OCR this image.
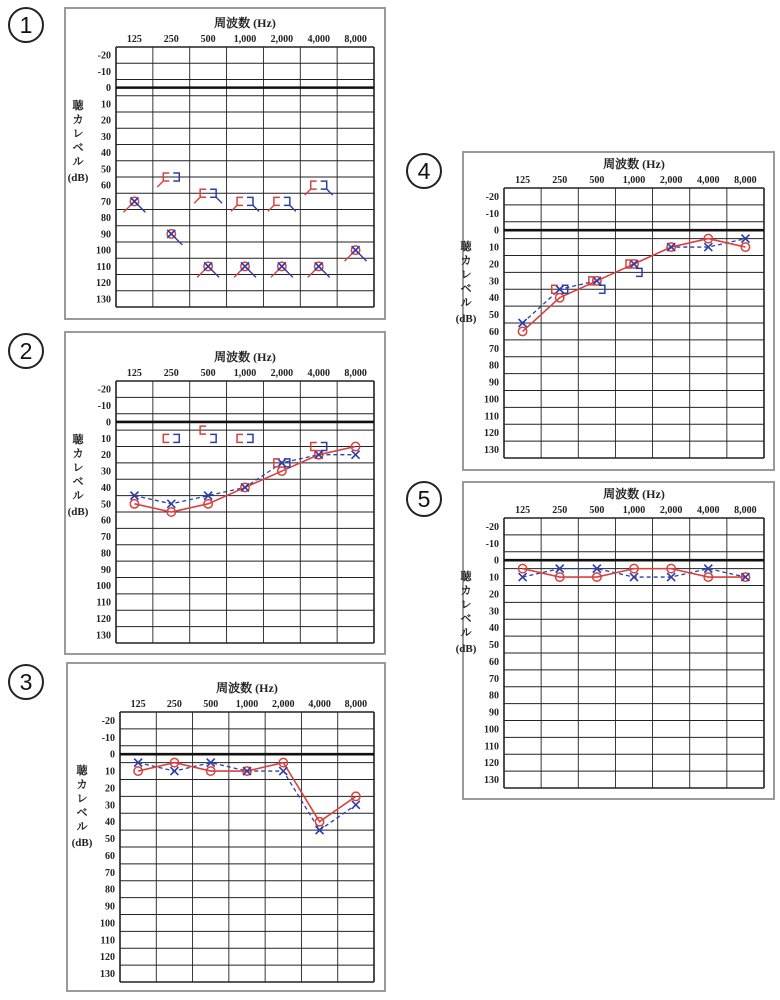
1
2
3
4
5
周波数 (Hz)
125 250 500 1,000 2,000 4,000 8,000
-20
-10
0
10
20
30
40
50
60
70
80
90
100
110
120
130
聴
カ
レ
ベ
ル
(dB)
周波数 (Hz)
125 250 500 1,000 2,000 4,000 8,000
-20
-10
0
10
20
30
40
50
60
70
80
90
100
110
120
130
聴
カ
レ
ベ
ル
(dB)
周波数 (Hz)
125 250 500 1,000 2,000 4,000 8,000
-20
-10
0
10
20
30
40
50
60
70
80
90
100
110
120
130
聴
カ
レ
ベ
ル
(dB)
周波数 (Hz)
125 250 500 1,000 2,000 4,000 8,000
-20
-10
0
10
20
30
40
50
60
70
80
90
100
110
120
130
聴
カ
レ
ベ
ル
(dB)
周波数 (Hz)
125 250 500 1,000 2,000 4,000 8,000
-20
-10
0
10
20
30
40
50
60
70
80
90
100
110
120
130
聴
カ
レ
ベ
ル
(dB)
